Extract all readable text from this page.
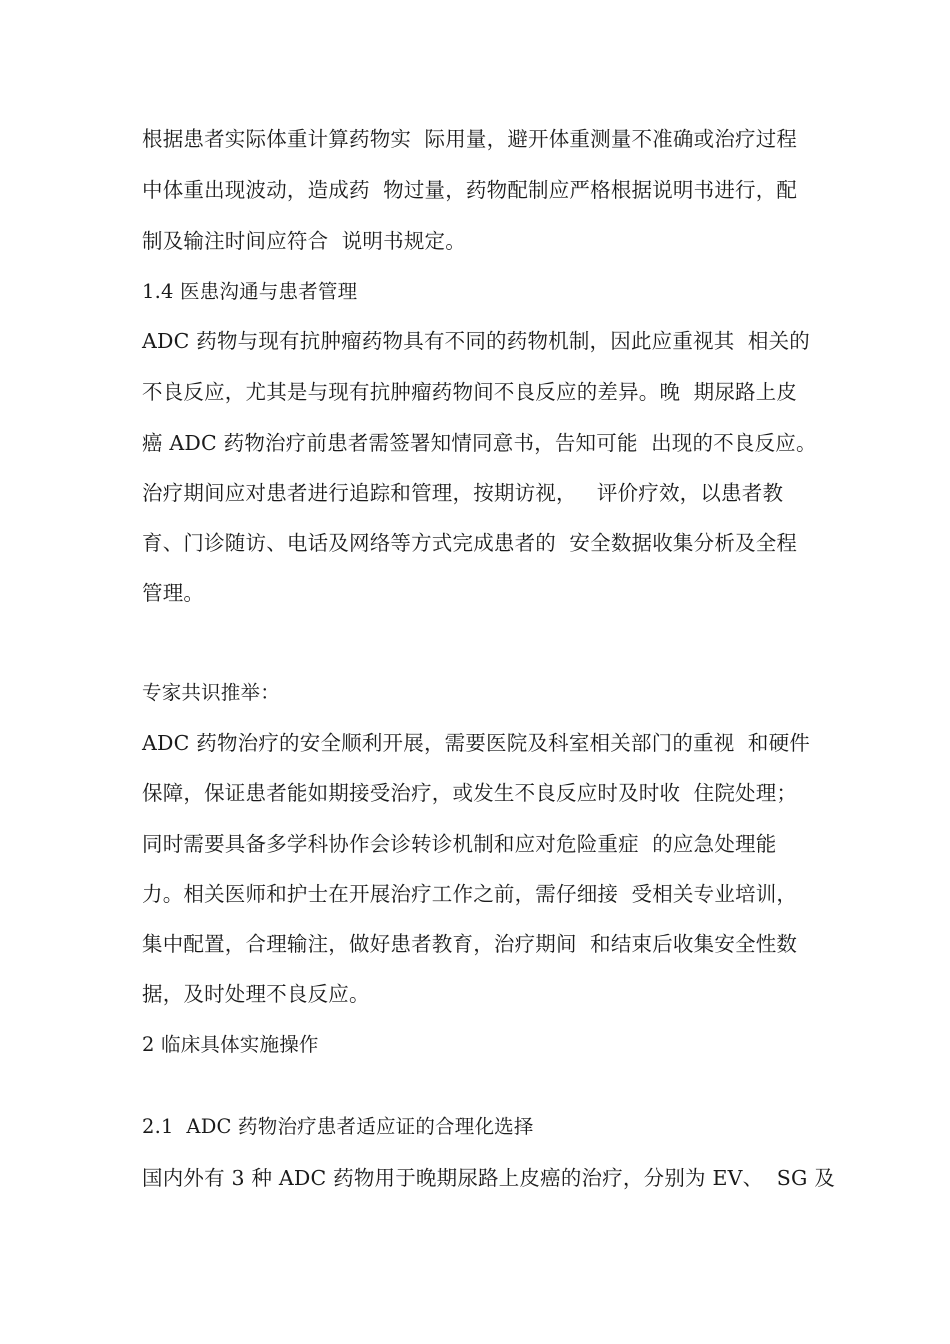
根据患者实际体重计算药物实  际用量，避开体重测量不准确或治疗过程
中体重出现波动，造成药  物过量，药物配制应严格根据说明书进行，配
制及输注时间应符合  说明书规定。
1.4 医患沟通与患者管理
ADC 药物与现有抗肿瘤药物具有不同的药物机制，因此应重视其  相关的
不良反应，尤其是与现有抗肿瘤药物间不良反应的差异。晚  期尿路上皮
癌 ADC 药物治疗前患者需签署知情同意书，告知可能  出现的不良反应。
治疗期间应对患者进行追踪和管理，按期访视，   评价疗效，以患者教
育、门诊随访、电话及网络等方式完成患者的  安全数据收集分析及全程
管理。
专家共识推举：
ADC 药物治疗的安全顺利开展，需要医院及科室相关部门的重视  和硬件
保障，保证患者能如期接受治疗，或发生不良反应时及时收  住院处理；
同时需要具备多学科协作会诊转诊机制和应对危险重症  的应急处理能
力。相关医师和护士在开展治疗工作之前，需仔细接  受相关专业培训，
集中配置，合理输注，做好患者教育，治疗期间  和结束后收集安全性数
据，及时处理不良反应。
2 临床具体实施操作
2.1  ADC 药物治疗患者适应证的合理化选择
国内外有 3 种 ADC 药物用于晚期尿路上皮癌的治疗，分别为 EV、  SG 及
